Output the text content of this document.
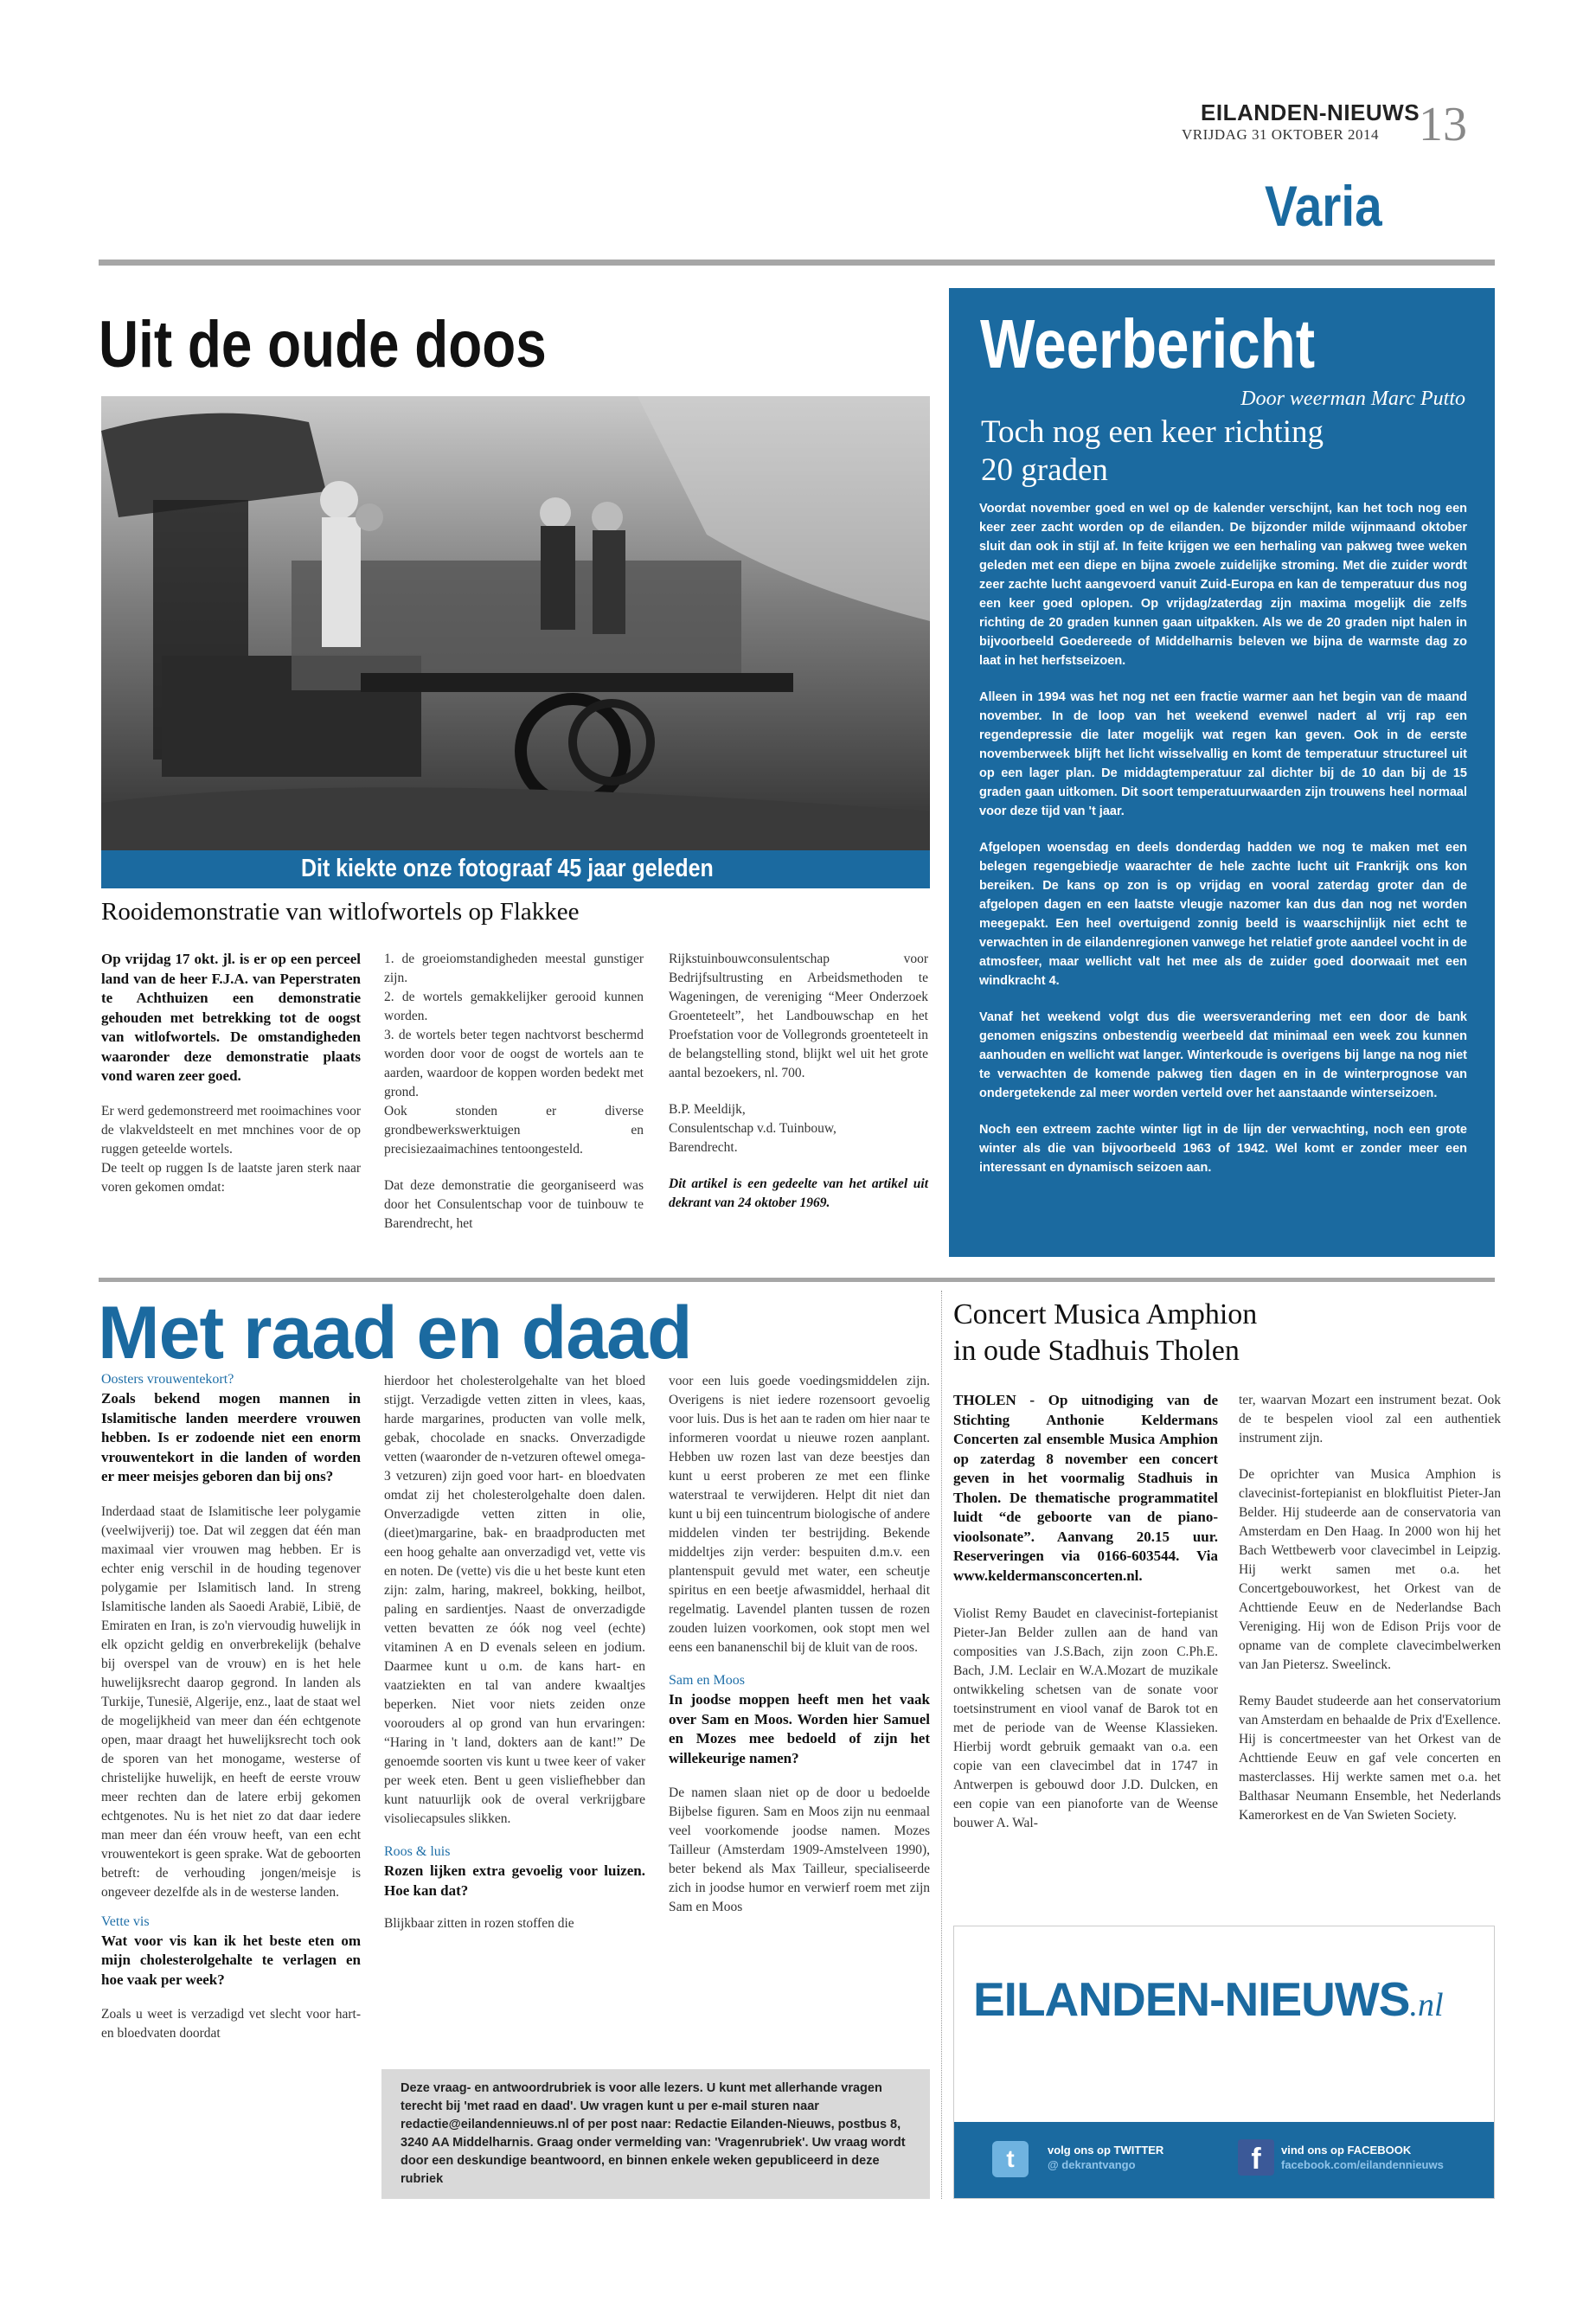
EILANDEN-NIEUWS
VRIJDAG 31 OKTOBER 2014 13
Varia
Uit de oude doos
Dit kiekte onze fotograaf 45 jaar geleden
Rooidemonstratie van witlofwortels op Flakkee

Op vrijdag 17 okt. jl. is er op een perceel land van de heer F.J.A. van Peperstraten te Achthuizen een demonstratie gehouden met betrekking tot de oogst van witlofwortels. De omstandigheden waaronder deze demonstratie plaats vond waren zeer goed.

Er werd gedemonstreerd met rooimachines voor de vlakveldsteelt en met mnchines voor de op ruggen geteelde wortels.

De teelt op ruggen Is de laatste jaren sterk naar voren gekomen omdat:

1. de groeiomstandigheden meestal gunstiger zijn.

2. de wortels gemakkelijker gerooid kunnen worden.

3. de wortels beter tegen nachtvorst beschermd worden door voor de oogst de wortels aan te aarden, waardoor de koppen worden bedekt met grond.

Ook stonden er diverse grondbewerkswerktuigen en precisiezaaimachines tentoongesteld.

Dat deze demonstratie die georganiseerd was door het Consulentschap voor de tuinbouw te Barendrecht, het

Rijkstuinbouwconsulentschap voor Bedrijfsultrusting en Arbeidsmethoden te Wageningen, de vereniging “Meer Onderzoek Groenteteelt”, het Landbouwschap en het Proefstation voor de Vollegronds groenteteelt in de belangstelling stond, blijkt wel uit het grote aantal bezoekers, nl. 700.

B.P. Meeldijk,
Consulentschap v.d. Tuinbouw,
Barendrecht.

Dit artikel is een gedeelte van het artikel uit dekrant van 24 oktober 1969.

Weerbericht
Door weerman Marc Putto
Toch nog een keer richting 20 graden

Voordat november goed en wel op de kalender verschijnt, kan het toch nog een keer zeer zacht worden op de eilanden. De bijzonder milde wijnmaand oktober sluit dan ook in stijl af. In feite krijgen we een herhaling van pakweg twee weken geleden met een diepe en bijna zwoele zuidelijke stroming. Met die zuider wordt zeer zachte lucht aangevoerd vanuit Zuid-Europa en kan de temperatuur dus nog een keer goed oplopen. Op vrijdag/zaterdag zijn maxima mogelijk die zelfs richting de 20 graden kunnen gaan uitpakken. Als we de 20 graden nipt halen in bijvoorbeeld Goedereede of Middelharnis beleven we bijna de warmste dag zo laat in het herfstseizoen.

Alleen in 1994 was het nog net een fractie warmer aan het begin van de maand november. In de loop van het weekend evenwel nadert al vrij rap een regendepressie die later mogelijk wat regen kan geven. Ook in de eerste novemberweek blijft het licht wisselvallig en komt de temperatuur structureel uit op een lager plan. De middagtemperatuur zal dichter bij de 10 dan bij de 15 graden gaan uitkomen. Dit soort temperatuurwaarden zijn trouwens heel normaal voor deze tijd van 't jaar.

Afgelopen woensdag en deels donderdag hadden we nog te maken met een belegen regengebiedje waarachter de hele zachte lucht uit Frankrijk ons kon bereiken. De kans op zon is op vrijdag en vooral zaterdag groter dan de afgelopen dagen en een laatste vleugje nazomer kan dus dan nog net worden meegepakt. Een heel overtuigend zonnig beeld is waarschijnlijk niet echt te verwachten in de eilandenregionen vanwege het relatief grote aandeel vocht in de atmosfeer, maar wellicht valt het mee als de zuider goed doorwaait met een windkracht 4.

Vanaf het weekend volgt dus die weersverandering met een door de bank genomen enigszins onbestendig weerbeeld dat minimaal een week zou kunnen aanhouden en wellicht wat langer. Winterkoude is overigens bij lange na nog niet te verwachten de komende pakweg tien dagen en in de winterprognose van ondergetekende zal meer worden verteld over het aanstaande winterseizoen.

Noch een extreem zachte winter ligt in de lijn der verwachting, noch een grote winter als die van bijvoorbeeld 1963 of 1942. Wel komt er zonder meer een interessant en dynamisch seizoen aan.

Met raad en daad
Oosters vrouwentekort?

Zoals bekend mogen mannen in Islamitische landen meerdere vrouwen hebben. Is er zodoende niet een enorm vrouwentekort in die landen of worden er meer meisjes geboren dan bij ons?

Inderdaad staat de Islamitische leer polygamie (veelwijverij) toe. Dat wil zeggen dat één man maximaal vier vrouwen mag hebben. Er is echter enig verschil in de houding tegenover polygamie per Islamitisch land. In streng Islamitische landen als Saoedi Arabië, Libië, de Emiraten en Iran, is zo'n viervoudig huwelijk in elk opzicht geldig en onverbrekelijk (behalve bij overspel van de vrouw) en is het hele huwelijksrecht daarop gegrond. In landen als Turkije, Tunesië, Algerije, enz., laat de staat wel de mogelijkheid van meer dan één echtgenote open, maar draagt het huwelijksrecht toch ook de sporen van het monogame, westerse of christelijke huwelijk, en heeft de eerste vrouw meer rechten dan de latere erbij gekomen echtgenotes. Nu is het niet zo dat daar iedere man meer dan één vrouw heeft, van een echt vrouwentekort is geen sprake. Wat de geboorten betreft: de verhouding jongen/meisje is ongeveer dezelfde als in de westerse landen.

Vette vis

Wat voor vis kan ik het beste eten om mijn cholesterolgehalte te verlagen en hoe vaak per week?

Zoals u weet is verzadigd vet slecht voor hart- en bloedvaten doordat

hierdoor het cholesterolgehalte van het bloed stijgt. Verzadigde vetten zitten in vlees, kaas, harde margarines, producten van volle melk, gebak, chocolade en snacks. Onverzadigde vetten (waaronder de n-vetzuren oftewel omega-3 vetzuren) zijn goed voor hart- en bloedvaten omdat zij het cholesterolgehalte doen dalen. Onverzadigde vetten zitten in olie, (dieet)margarine, bak- en braadproducten met een hoog gehalte aan onverzadigd vet, vette vis en noten. De (vette) vis die u het beste kunt eten zijn: zalm, haring, makreel, bokking, heilbot, paling en sardientjes. Naast de onverzadigde vetten bevatten ze óók nog veel (echte) vitaminen A en D evenals seleen en jodium. Daarmee kunt u o.m. de kans hart- en vaatziekten en tal van andere kwaaltjes beperken. Niet voor niets zeiden onze voorouders al op grond van hun ervaringen: “Haring in 't land, dokters aan de kant!” De genoemde soorten vis kunt u twee keer of vaker per week eten. Bent u geen visliefhebber dan kunt natuurlijk ook de overal verkrijgbare visoliecapsules slikken.

Roos & luis

Rozen lijken extra gevoelig voor luizen. Hoe kan dat?

Blijkbaar zitten in rozen stoffen die

voor een luis goede voedingsmiddelen zijn. Overigens is niet iedere rozensoort gevoelig voor luis. Dus is het aan te raden om hier naar te informeren voordat u nieuwe rozen aanplant. Hebben uw rozen last van deze beestjes dan kunt u eerst proberen ze met een flinke waterstraal te verwijderen. Helpt dit niet dan kunt u bij een tuincentrum biologische of andere middelen vinden ter bestrijding. Bekende middeltjes zijn verder: bespuiten d.m.v. een plantenspuit gevuld met water, een scheutje spiritus en een beetje afwasmiddel, herhaal dit regelmatig. Lavendel planten tussen de rozen zouden luizen voorkomen, ook stopt men wel eens een bananenschil bij de kluit van de roos.

Sam en Moos

In joodse moppen heeft men het vaak over Sam en Moos. Worden hier Samuel en Mozes mee bedoeld of zijn het willekeurige namen?

De namen slaan niet op de door u bedoelde Bijbelse figuren. Sam en Moos zijn nu eenmaal veel voorkomende joodse namen. Mozes Tailleur (Amsterdam 1909-Amstelveen 1990), beter bekend als Max Tailleur, specialiseerde zich in joodse humor en verwierf roem met zijn Sam en Moos

Deze vraag- en antwoordrubriek is voor alle lezers. U kunt met allerhande vragen terecht bij 'met raad en daad'. Uw vragen kunt u per e-mail sturen naar redactie@eilandennieuws.nl of per post naar: Redactie Eilanden-Nieuws, postbus 8, 3240 AA Middelharnis. Graag onder vermelding van: 'Vragenrubriek'. Uw vraag wordt door een deskundige beantwoord, en binnen enkele weken gepubliceerd in deze rubriek

Concert Musica Amphion
in oude Stadhuis Tholen

THOLEN - Op uitnodiging van de Stichting Anthonie Keldermans Concerten zal ensemble Musica Amphion op zaterdag 8 november een concert geven in het voormalig Stadhuis in Tholen. De thematische programmatitel luidt “de geboorte van de piano-vioolsonate”. Aanvang 20.15 uur. Reserveringen via 0166-603544. Via www.keldermansconcerten.nl.

Violist Remy Baudet en clavecinist-fortepianist Pieter-Jan Belder zullen aan de hand van composities van J.S.Bach, zijn zoon C.Ph.E. Bach, J.M. Leclair en W.A.Mozart de muzikale ontwikkeling schetsen van de sonate voor toetsinstrument en viool vanaf de Barok tot en met de periode van de Weense Klassieken. Hierbij wordt gebruik gemaakt van o.a. een copie van een clavecimbel dat in 1747 in Antwerpen is gebouwd door J.D. Dulcken, en een copie van een pianoforte van de Weense bouwer A. Wal-

ter, waarvan Mozart een instrument bezat. Ook de te bespelen viool zal een authentiek instrument zijn.

De oprichter van Musica Amphion is clavecinist-fortepianist en blokfluitist Pieter-Jan Belder. Hij studeerde aan de conservatoria van Amsterdam en Den Haag. In 2000 won hij het Bach Wettbewerb voor clavecimbel in Leipzig. Hij werkt samen met o.a. het Concertgebouworkest, het Orkest van de Achttiende Eeuw en de Nederlandse Bach Vereniging. Hij won de Edison Prijs voor de opname van de complete clavecimbelwerken van Jan Pietersz. Sweelinck.

Remy Baudet studeerde aan het conservatorium van Amsterdam en behaalde de Prix d'Exellence. Hij is concertmeester van het Orkest van de Achttiende Eeuw en gaf vele concerten en masterclasses. Hij werkte samen met o.a. het Balthasar Neumann Ensemble, het Nederlands Kamerorkest en de Van Swieten Society.

EILANDEN-NIEUWS.nl
t	volg ons op TWITTER
@ dekrantvango	f	vind ons op FACEBOOK
facebook.com/eilandennieuws
